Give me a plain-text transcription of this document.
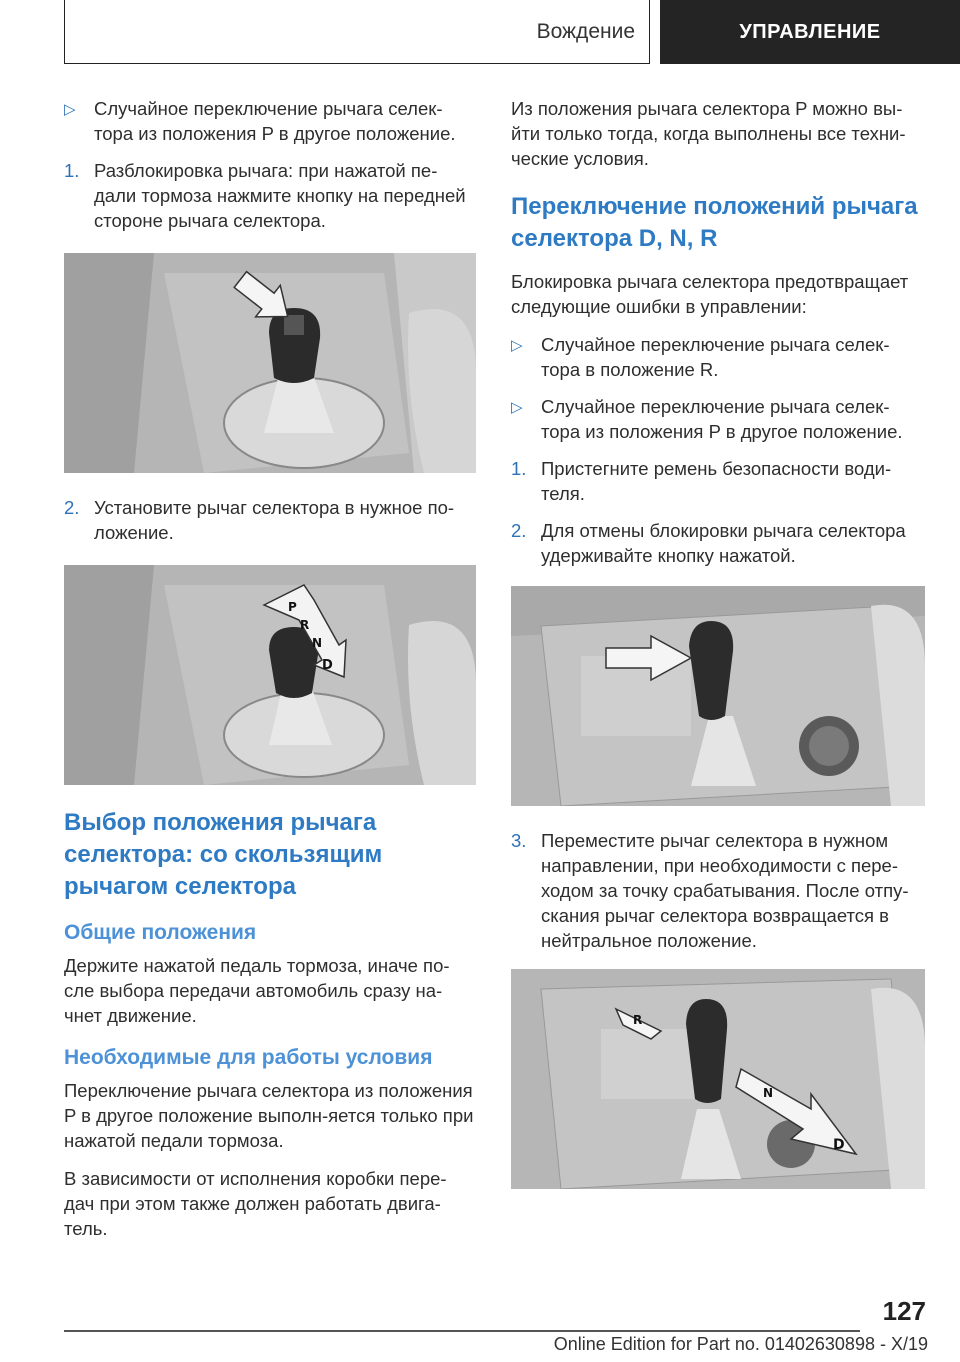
Вождение	УПРАВЛЕНИЕ
▷ Случайное переключение рычага селек-тора из положения P в другое положение.
1. Разблокировка рычага: при нажатой пе-дали тормоза нажмите кнопку на передней стороне рычага селектора.
2. Установите рычаг селектора в нужное по-ложение.
P
R
N
D
Выбор положения рычага селектора: со скользящим рычагом селектора
Общие положения

Держите нажатой педаль тормоза, иначе по-сле выбора передачи автомобиль сразу на-чнет движение.

Необходимые для работы условия

Переключение рычага селектора из положения P в другое положение выполн-яется только при нажатой педали тормоза.

В зависимости от исполнения коробки пере-дач при этом также должен работать двига-тель.

Из положения рычага селектора P можно вы-йти только тогда, когда выполнены все техни-ческие условия.

Переключение положений рычага селектора D, N, R

Блокировка рычага селектора предотвращает следующие ошибки в управлении:

▷ Случайное переключение рычага селек-тора в положение R.
▷ Случайное переключение рычага селек-тора из положения P в другое положение.
1. Пристегните ремень безопасности води-теля.
2. Для отмены блокировки рычага селектора удерживайте кнопку нажатой.
3. Переместите рычаг селектора в нужном направлении, при необходимости с пере-ходом за точку срабатывания. После отпу-скания рычаг селектора возвращается в нейтральное положение.
R
N
D
127
Online Edition for Part no. 01402630898 - X/19
